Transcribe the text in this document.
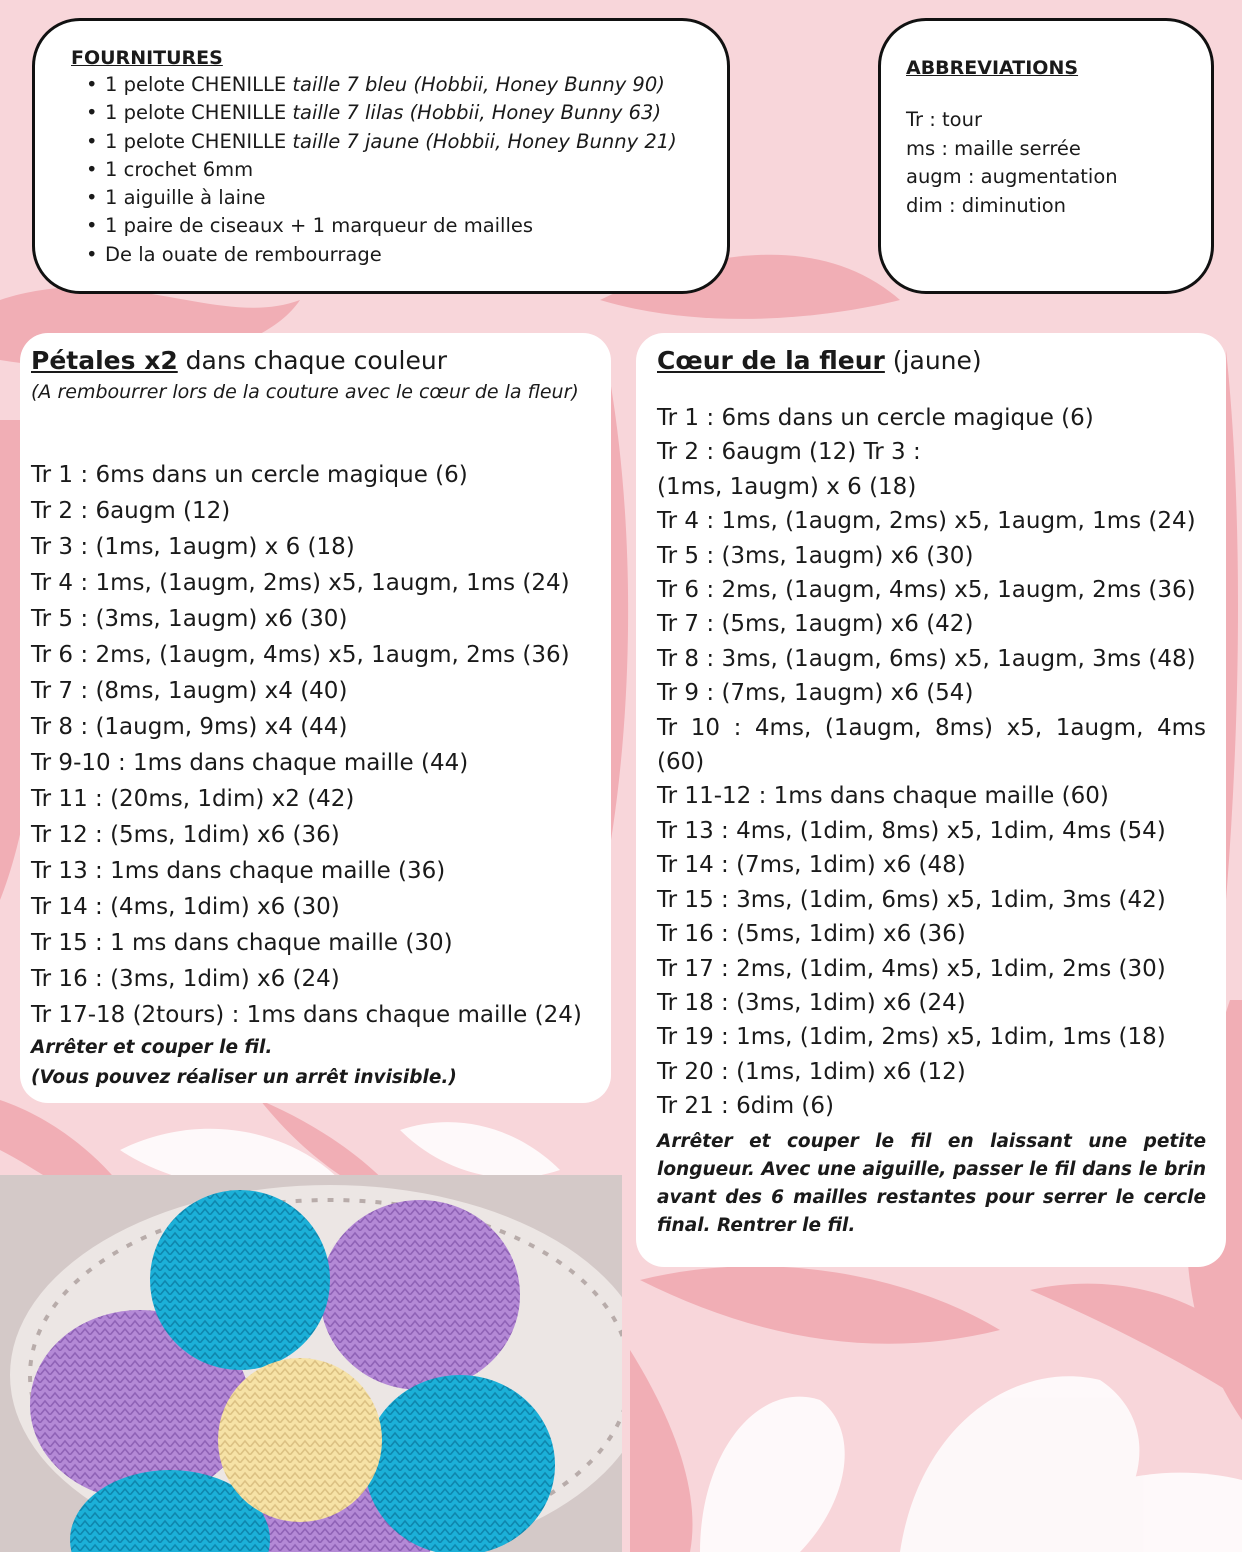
FOURNITURES
• 1 pelote CHENILLE taille 7 bleu (Hobbii, Honey Bunny 90)
• 1 pelote CHENILLE taille 7 lilas (Hobbii, Honey Bunny 63)
• 1 pelote CHENILLE taille 7 jaune (Hobbii, Honey Bunny 21)
• 1 crochet 6mm
• 1 aiguille à laine
• 1 paire de ciseaux + 1 marqueur de mailles
• De la ouate de rembourrage
ABBREVIATIONS
Tr : tour
ms : maille serrée
augm : augmentation
dim : diminution
Pétales x2 dans chaque couleur
(A rembourrer lors de la couture avec le cœur de la fleur)
Tr 1 : 6ms dans un cercle magique (6)
Tr 2 : 6augm (12)
Tr 3 : (1ms, 1augm) x 6 (18)
Tr 4 : 1ms, (1augm, 2ms) x5, 1augm, 1ms (24)
Tr 5 : (3ms, 1augm) x6 (30)
Tr 6 : 2ms, (1augm, 4ms) x5, 1augm, 2ms (36)
Tr 7 : (8ms, 1augm) x4 (40)
Tr 8 : (1augm, 9ms) x4 (44)
Tr 9-10 : 1ms dans chaque maille (44)
Tr 11 : (20ms, 1dim) x2 (42)
Tr 12 : (5ms, 1dim) x6 (36)
Tr 13 : 1ms dans chaque maille (36)
Tr 14 : (4ms, 1dim) x6 (30)
Tr 15 : 1 ms dans chaque maille (30)
Tr 16 : (3ms, 1dim) x6 (24)
Tr 17-18 (2tours) : 1ms dans chaque maille (24)
Arrêter et couper le fil.
(Vous pouvez réaliser un arrêt invisible.)
Cœur de la fleur (jaune)
Tr 1 : 6ms dans un cercle magique (6)
Tr 2 : 6augm (12) Tr 3 :
(1ms, 1augm) x 6 (18)
Tr 4 : 1ms, (1augm, 2ms) x5, 1augm, 1ms (24)
Tr 5 : (3ms, 1augm) x6 (30)
Tr 6 : 2ms, (1augm, 4ms) x5, 1augm, 2ms (36)
Tr 7 : (5ms, 1augm) x6 (42)
Tr 8 : 3ms, (1augm, 6ms) x5, 1augm, 3ms (48)
Tr 9 : (7ms, 1augm) x6 (54)
Tr 10 : 4ms, (1augm, 8ms) x5, 1augm, 4ms (60)
Tr 11-12 : 1ms dans chaque maille (60)
Tr 13 : 4ms, (1dim, 8ms) x5, 1dim, 4ms (54)
Tr 14 : (7ms, 1dim) x6 (48)
Tr 15 : 3ms, (1dim, 6ms) x5, 1dim, 3ms (42)
Tr 16 : (5ms, 1dim) x6 (36)
Tr 17 : 2ms, (1dim, 4ms) x5, 1dim, 2ms (30)
Tr 18 : (3ms, 1dim) x6 (24)
Tr 19 : 1ms, (1dim, 2ms) x5, 1dim, 1ms (18)
Tr 20 : (1ms, 1dim) x6 (12)
Tr 21 : 6dim (6)
Arrêter et couper le fil en laissant une petite longueur. Avec une aiguille, passer le fil dans le brin avant des 6 mailles restantes pour serrer le cercle final. Rentrer le fil.
